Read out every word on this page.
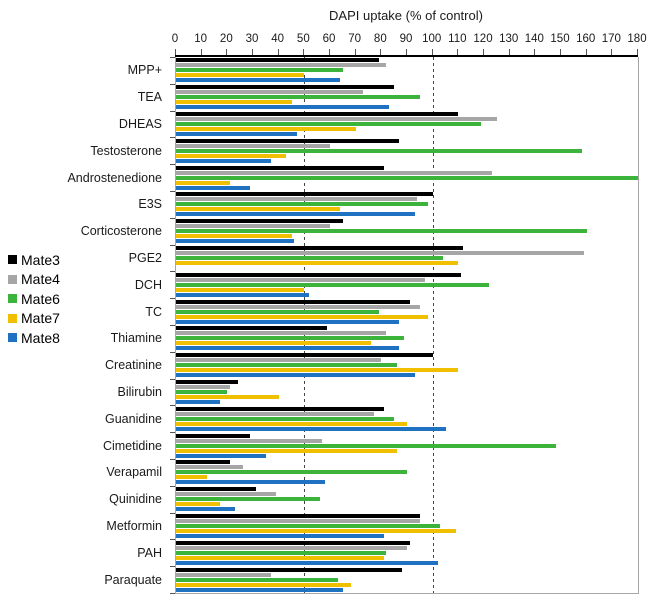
DAPI uptake (% of control)
0 10 20 30 40 50 60 70 80 90 100 110 120 130 140 150 160 170 180
MPP+
TEA
DHEAS
Testosterone
Androstenedione
E3S
Corticosterone
PGE2
DCH
TC
Thiamine
Creatinine
Bilirubin
Guanidine
Cimetidine
Verapamil
Quinidine
Metformin
PAH
Paraquate
Mate3
Mate4
Mate6
Mate7
Mate8
